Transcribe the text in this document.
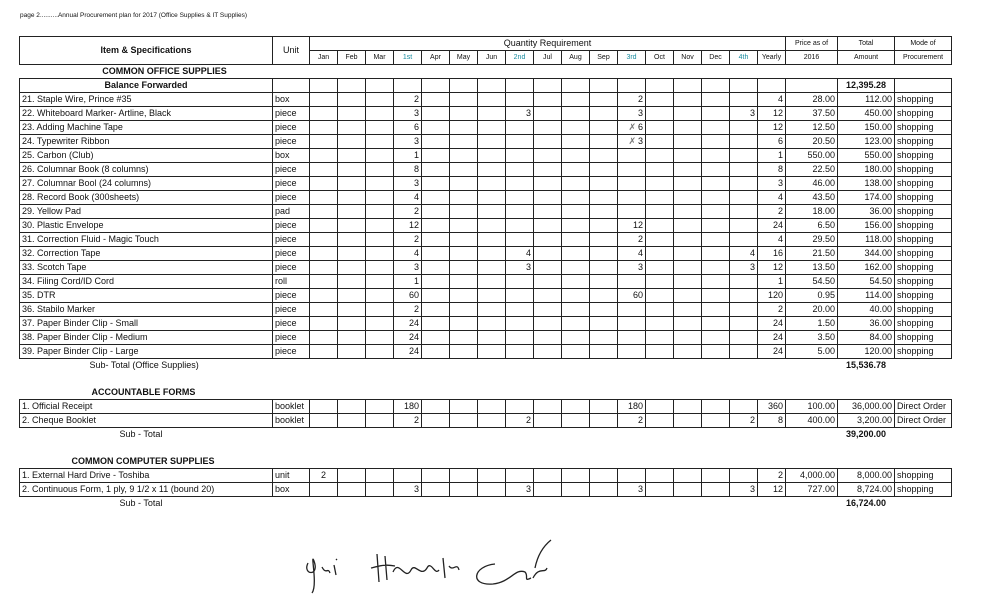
page 2..........Annual Procurement plan for 2017 (Office Supplies & IT Supplies)
Item & Specifications	Unit	Quantity Requirement																	Price as of	Total	Mode of
		Jan	Feb	Mar	1st	Apr	May	Jun	2nd	Jul	Aug	Sep	3rd	Oct	Nov	Dec	4th	Yearly	2016	Amount	Procurement
COMMON OFFICE SUPPLIES																					
Balance Forwarded																				12,395.28	
21. Staple Wire, Prince #35	box				2								2					4	28.00	112.00	shopping
22. Whiteboard Marker- Artline, Black	piece				3				3				3				3	12	37.50	450.00	shopping
23. Adding Machine Tape	piece				6								✗ 6					12	12.50	150.00	shopping
24. Typewriter Ribbon	piece				3								✗ 3					6	20.50	123.00	shopping
25. Carbon (Club)	box				1													1	550.00	550.00	shopping
26. Columnar Book (8 columns)	piece				8													8	22.50	180.00	shopping
27. Columnar Bool (24 columns)	piece				3													3	46.00	138.00	shopping
28. Record Book (300sheets)	piece				4													4	43.50	174.00	shopping
29. Yellow Pad	pad				2													2	18.00	36.00	shopping
30. Plastic Envelope	piece				12								12					24	6.50	156.00	shopping
31. Correction Fluid - Magic Touch	piece				2								2					4	29.50	118.00	shopping
32. Correction Tape	piece				4				4				4				4	16	21.50	344.00	shopping
33. Scotch Tape	piece				3				3				3				3	12	13.50	162.00	shopping
34. Filing Cord/ID Cord	roll				1													1	54.50	54.50	shopping
35. DTR	piece				60								60					120	0.95	114.00	shopping
36. Stabilo Marker	piece				2													2	20.00	40.00	shopping
37. Paper Binder Clip - Small	piece				24													24	1.50	36.00	shopping
38. Paper Binder Clip - Medium	piece				24													24	3.50	84.00	shopping
39. Paper Binder Clip - Large	piece				24													24	5.00	120.00	shopping
Sub- Total (Office Supplies)																				15,536.78	

ACCOUNTABLE FORMS																					
1. Official Receipt	booklet				180								180					360	100.00	36,000.00	Direct Order
2. Cheque Booklet	booklet				2				2				2				2	8	400.00	3,200.00	Direct Order
Sub - Total																				39,200.00	

COMMON COMPUTER SUPPLIES																					
1. External Hard Drive - Toshiba	unit	2																2	4,000.00	8,000.00	shopping
2. Continuous Form, 1 ply, 9 1/2 x 11 (bound 20)	box				3				3				3				3	12	727.00	8,724.00	shopping
Sub - Total																				16,724.00	
